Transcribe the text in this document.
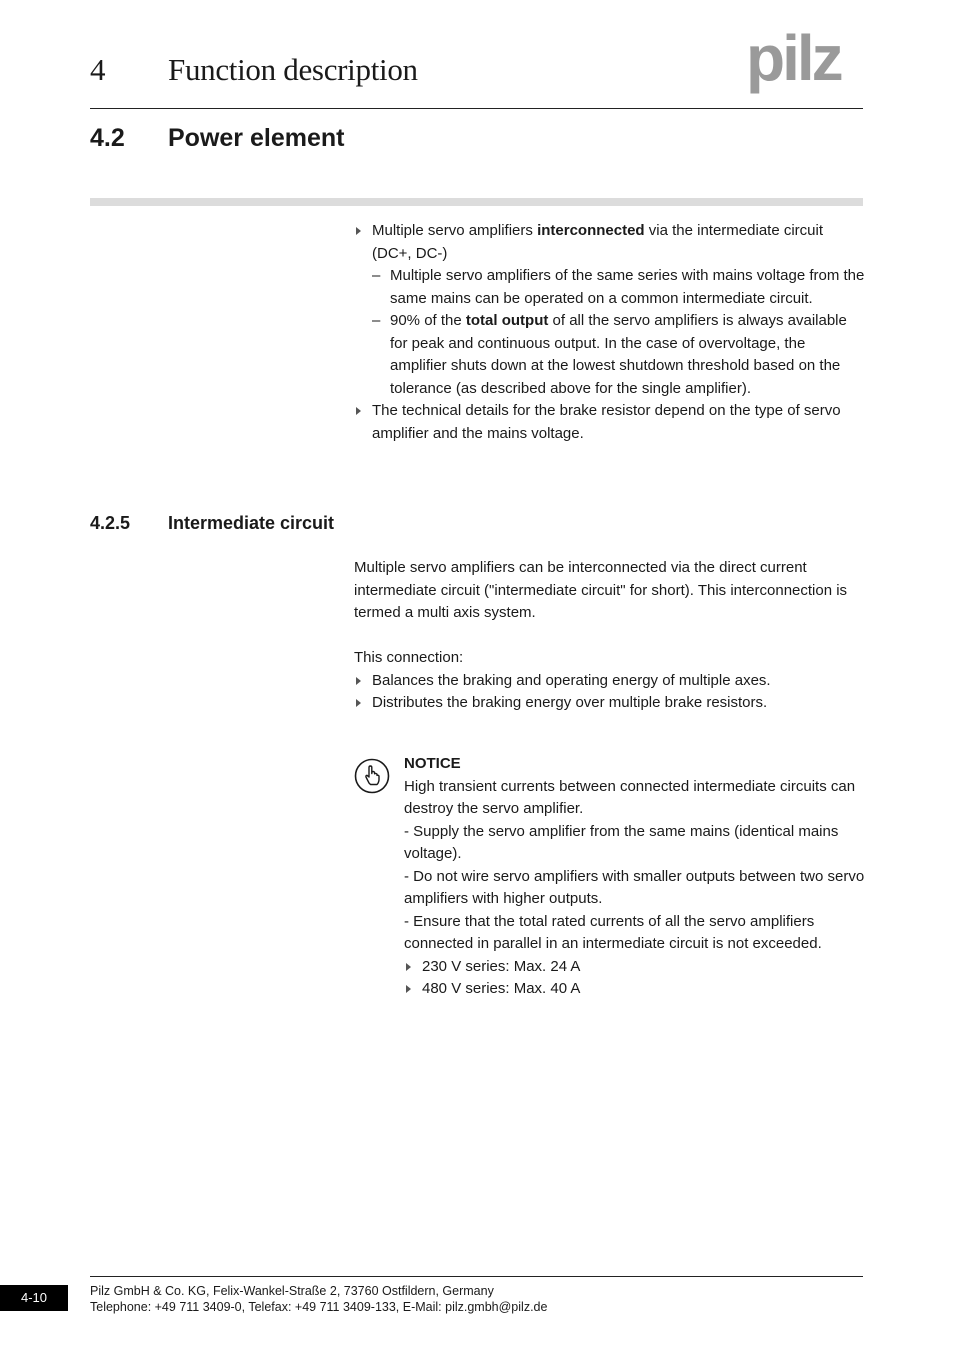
4 Function description	pilz
4.2 Power element
Multiple servo amplifiers interconnected via the intermediate circuit (DC+, DC-)
– Multiple servo amplifiers of the same series with mains voltage from the same mains can be operated on a common intermediate circuit.
– 90% of the total output of all the servo amplifiers is always available for peak and continuous output. In the case of overvoltage, the amplifier shuts down at the lowest shutdown threshold based on the tolerance (as described above for the single amplifier).
The technical details for the brake resistor depend on the type of servo amplifier and the mains voltage.
4.2.5 Intermediate circuit
Multiple servo amplifiers can be interconnected via the direct current intermediate circuit ("intermediate circuit" for short). This interconnection is termed a multi axis system.
This connection:
Balances the braking and operating energy of multiple axes.
Distributes the braking energy over multiple brake resistors.
NOTICE
High transient currents between connected intermediate circuits can destroy the servo amplifier.
- Supply the servo amplifier from the same mains (identical mains voltage).
- Do not wire servo amplifiers with smaller outputs between two servo amplifiers with higher outputs.
- Ensure that the total rated currents of all the servo amplifiers connected in parallel in an intermediate circuit is not exceeded.
230 V series: Max. 24 A
480 V series: Max. 40 A
4-10	Pilz GmbH & Co. KG, Felix-Wankel-Straße 2, 73760 Ostfildern, Germany
Telephone: +49 711 3409-0, Telefax: +49 711 3409-133, E-Mail: pilz.gmbh@pilz.de
